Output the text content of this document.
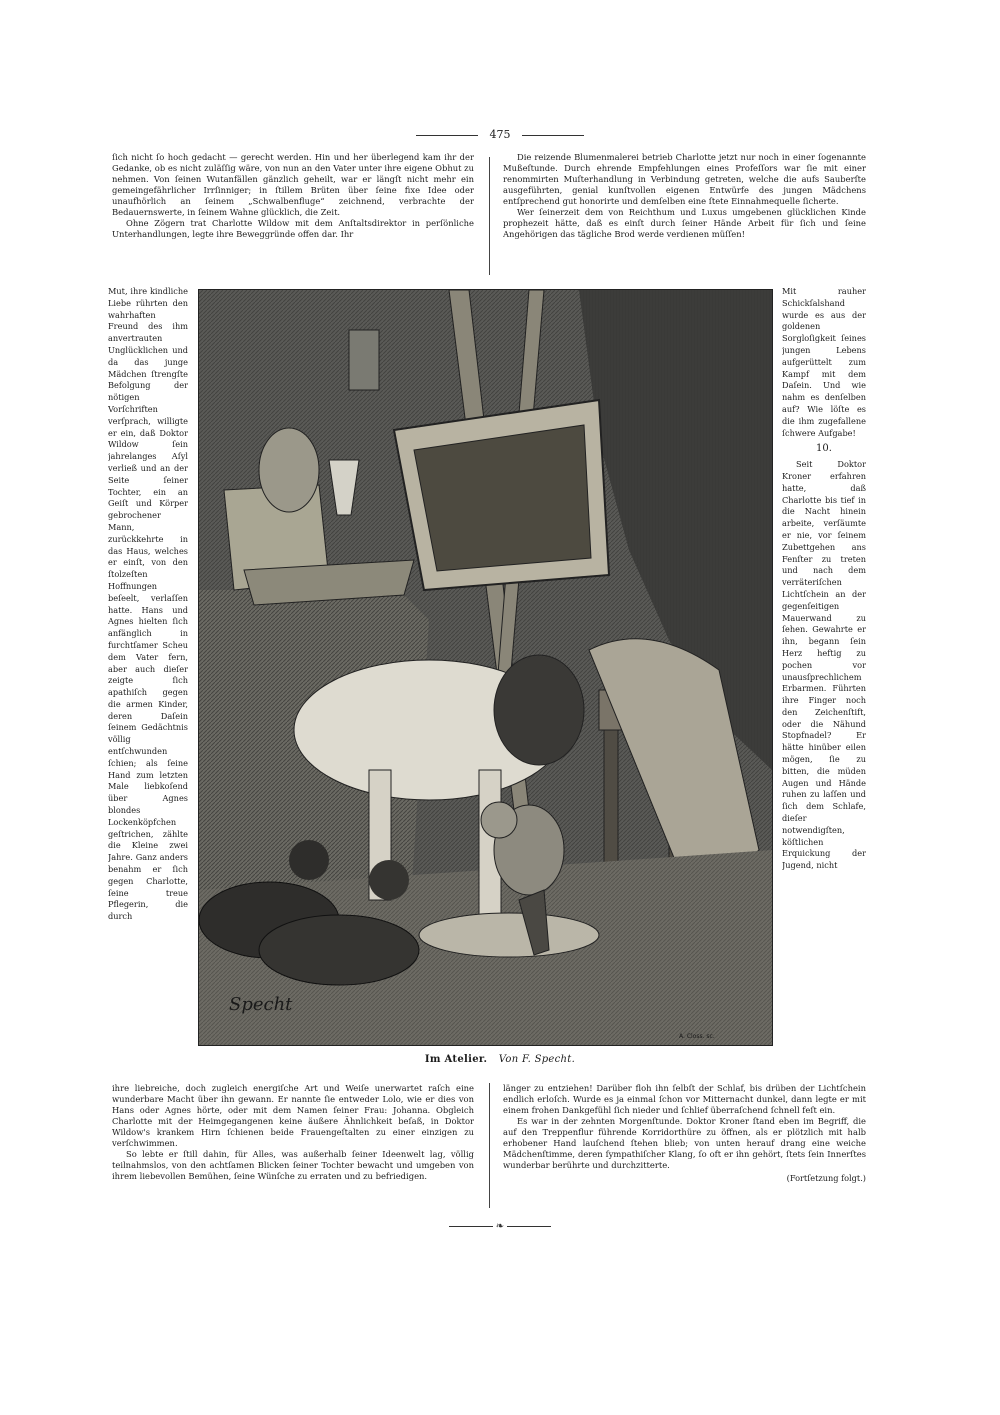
475

ſich nicht ſo hoch gedacht — gerecht werden. Hin und her überlegend kam ihr der Gedanke, ob es nicht zuläſſig wäre, von nun an den Vater unter ihre eigene Obhut zu nehmen. Von ſeinen Wutanfällen gänzlich geheilt, war er längſt nicht mehr ein gemeingefährlicher Irrſinniger; in ſtillem Brüten über ſeine fixe Idee oder unaufhörlich an ſeinem „Schwalbenfluge“ zeichnend, verbrachte der Bedauernswerte, in ſeinem Wahne glücklich, die Zeit.

Ohne Zögern trat Charlotte Wildow mit dem Anſtaltsdirektor in perſönliche Unterhandlungen, legte ihre Beweggründe offen dar. Ihr

Die reizende Blumenmalerei betrieb Charlotte jetzt nur noch in einer ſogenannte Mußeſtunde. Durch ehrende Empfehlungen eines Profeſſors war ſie mit einer renommirten Muſterhandlung in Verbindung getreten, welche die aufs Sauberſte ausgeführten, genial kunſtvollen eigenen Entwürfe des jungen Mädchens entſprechend gut honorirte und demſelben eine ſtete Einnahmequelle ſicherte.

Wer ſeinerzeit dem von Reichthum und Luxus umgebenen glücklichen Kinde prophezeit hätte, daß es einſt durch ſeiner Hände Arbeit für ſich und ſeine Angehörigen das tägliche Brod werde verdienen müſſen!

Mut, ihre kindliche Liebe rührten den wahrhaften Freund des ihm anvertrauten Unglücklichen und da das junge Mädchen ſtrengſte Befolgung der nötigen Vorſchriften verſprach, willigte er ein, daß Doktor Wildow ſein jahrelanges Aſyl verließ und an der Seite ſeiner Tochter, ein an Geiſt und Körper gebrochener Mann, zurückkehrte in das Haus, welches er einſt, von den ſtolzeſten Hoffnungen beſeelt, verlaſſen hatte. Hans und Agnes hielten ſich anfänglich in furchtſamer Scheu dem Vater fern, aber auch dieſer zeigte ſich apathiſch gegen die armen Kinder, deren Daſein ſeinem Gedächtnis völlig entſchwunden ſchien; als ſeine Hand zum letzten Male liebkoſend über Agnes blondes Lockenköpfchen geſtrichen, zählte die Kleine zwei Jahre. Ganz anders benahm er ſich gegen Charlotte, ſeine treue Pflegerin, die durch

Mit rauher Schickſalshand wurde es aus der goldenen Sorgloſigkeit ſeines jungen Lebens aufgerüttelt zum Kampf mit dem Daſein. Und wie nahm es denſelben auf? Wie löſte es die ihm zugefallene ſchwere Aufgabe!

10.

Seit Doktor Kroner erfahren hatte, daß Charlotte bis tief in die Nacht hinein arbeite, verſäumte er nie, vor ſeinem Zubettgehen ans Fenſter zu treten und nach dem verräteriſchen Lichtſchein an der gegenſeitigen Mauerwand zu ſehen. Gewahrte er ihn, begann ſein Herz heftig zu pochen vor unausſprechlichem Erbarmen. Führten ihre Finger noch den Zeichenſtift, oder die Nähund Stopfnadel? Er hätte hinüber eilen mögen, ſie zu bitten, die müden Augen und Hände ruhen zu laſſen und ſich dem Schlafe, dieſer notwendigſten, köſtlichen Erquickung der Jugend, nicht

Specht
A. Closs. sc.
Im Atelier. Von F. Specht.

ihre liebreiche, doch zugleich energiſche Art und Weiſe unerwartet raſch eine wunderbare Macht über ihn gewann. Er nannte ſie entweder Lolo, wie er dies von Hans oder Agnes hörte, oder mit dem Namen ſeiner Frau: Johanna. Obgleich Charlotte mit der Heimgegangenen keine äußere Ähnlichkeit beſaß, in Doktor Wildow's krankem Hirn ſchienen beide Frauengeſtalten zu einer einzigen zu verſchwimmen.

So lebte er ſtill dahin, für Alles, was außerhalb ſeiner Ideenwelt lag, völlig teilnahmslos, von den achtſamen Blicken ſeiner Tochter bewacht und umgeben von ihrem liebevollen Bemühen, ſeine Wünſche zu erraten und zu befriedigen.

länger zu entziehen! Darüber floh ihn ſelbſt der Schlaf, bis drüben der Lichtſchein endlich erloſch. Wurde es ja einmal ſchon vor Mitternacht dunkel, dann legte er mit einem frohen Dankgefühl ſich nieder und ſchlief überraſchend ſchnell feſt ein.

Es war in der zehnten Morgenſtunde. Doktor Kroner ſtand eben im Begriff, die auf den Treppenflur führende Korridorthüre zu öffnen, als er plötzlich mit halb erhobener Hand lauſchend ſtehen blieb; von unten herauf drang eine weiche Mädchenſtimme, deren ſympathiſcher Klang, ſo oft er ihn gehört, ſtets ſein Innerſtes wunderbar berührte und durchzitterte.

(Fortſetzung folgt.)
❧
